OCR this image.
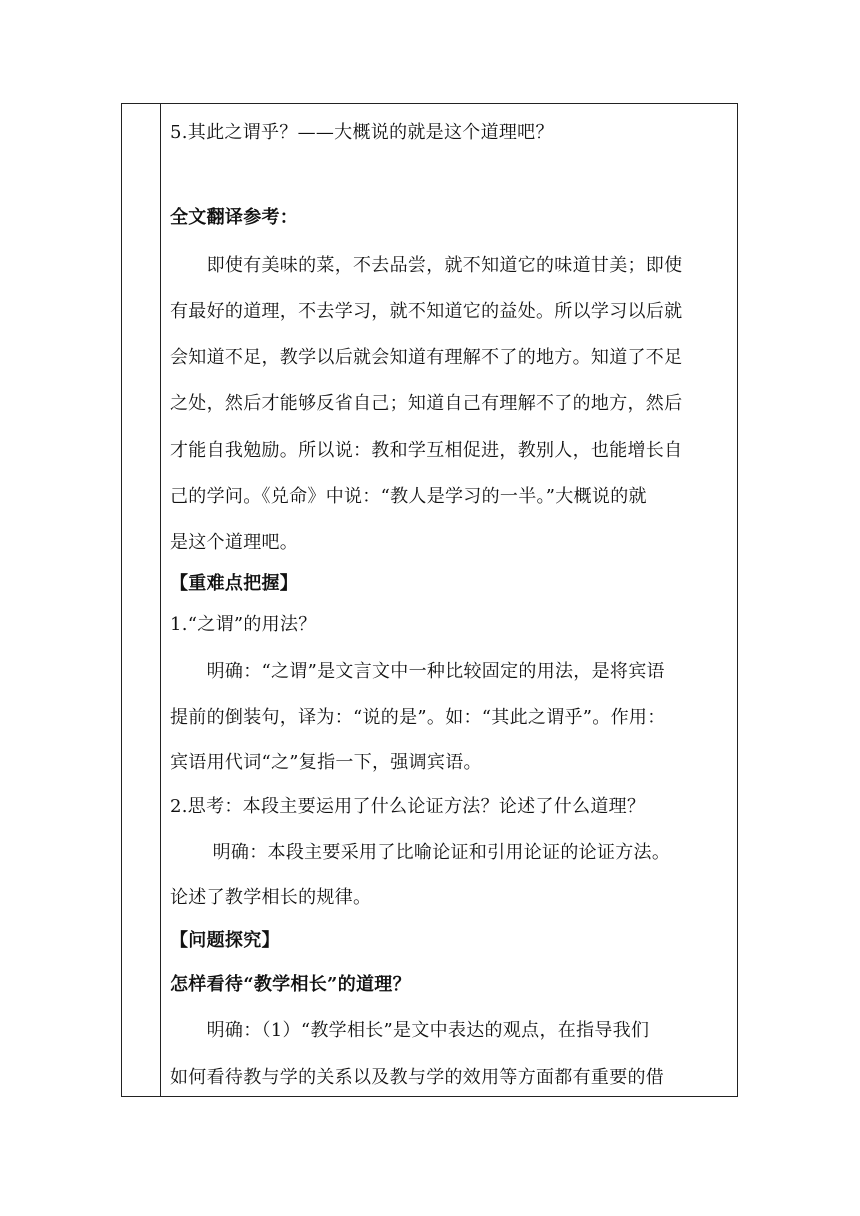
5.其此之谓乎？——大概说的就是这个道理吧？
全文翻译参考：
　　即使有美味的菜，不去品尝，就不知道它的味道甘美；即使
有最好的道理，不去学习，就不知道它的益处。所以学习以后就
会知道不足，教学以后就会知道有理解不了的地方。知道了不足
之处，然后才能够反省自己；知道自己有理解不了的地方，然后
才能自我勉励。所以说：教和学互相促进，教别人，也能增长自
己的学问。《兑命》中说：“教人是学习的一半。”大概说的就
是这个道理吧。
【重难点把握】
1.“之谓”的用法？
　　明确：“之谓”是文言文中一种比较固定的用法，是将宾语
提前的倒装句，译为：“说的是”。如：“其此之谓乎”。作用：
宾语用代词“之”复指一下，强调宾语。
2.思考：本段主要运用了什么论证方法？论述了什么道理？
　　 明确：本段主要采用了比喻论证和引用论证的论证方法。
论述了教学相长的规律。
【问题探究】
怎样看待“教学相长”的道理？
　　明确：（1）“教学相长”是文中表达的观点，在指导我们
如何看待教与学的关系以及教与学的效用等方面都有重要的借
